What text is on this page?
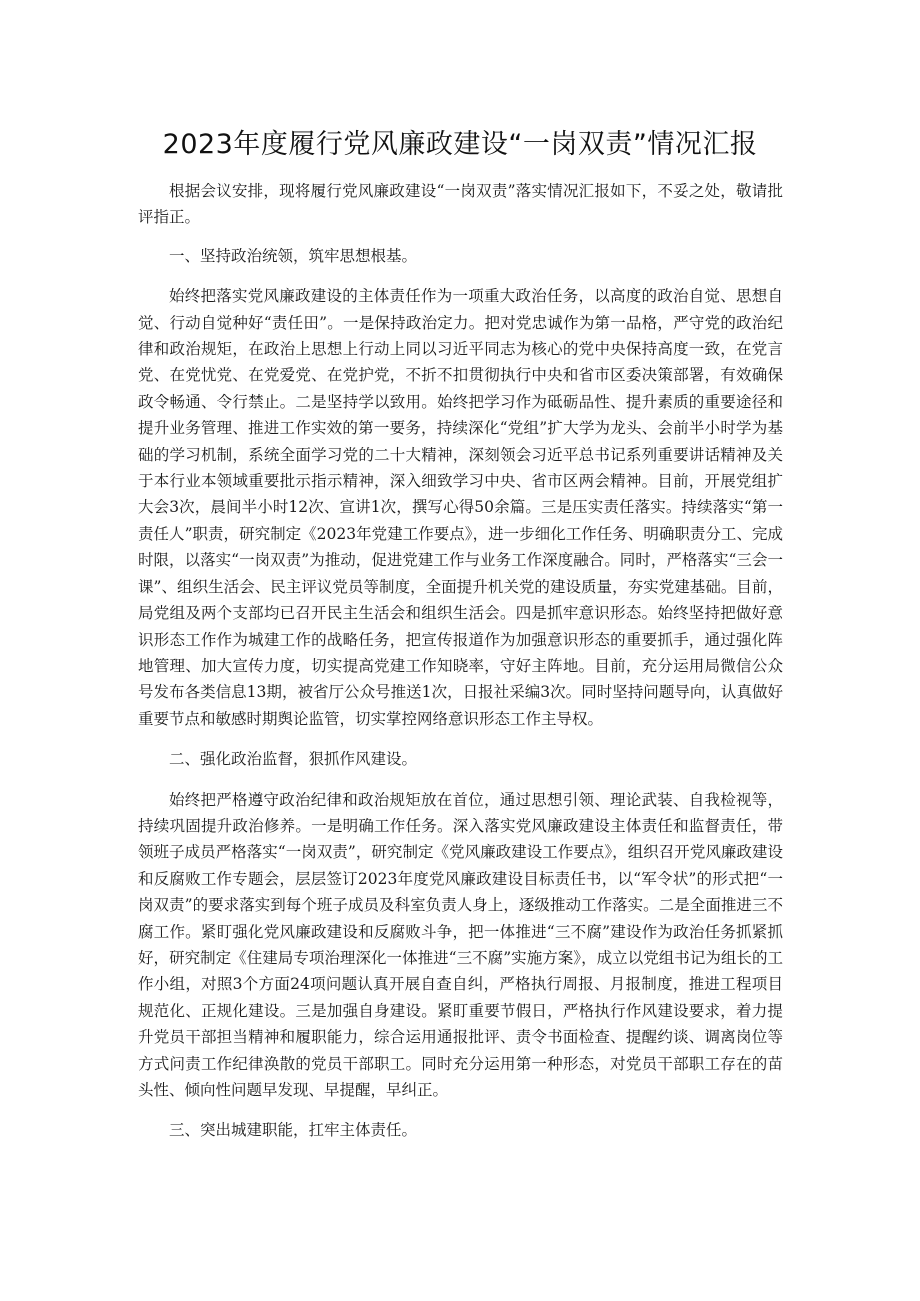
2023年度履行党风廉政建设“一岗双责”情况汇报

根据会议安排，现将履行党风廉政建设“一岗双责”落实情况汇报如下，不妥之处，敬请批评指正。

一、坚持政治统领，筑牢思想根基。

始终把落实党风廉政建设的主体责任作为一项重大政治任务，以高度的政治自觉、思想自觉、行动自觉种好“责任田”。一是保持政治定力。把对党忠诚作为第一品格，严守党的政治纪律和政治规矩，在政治上思想上行动上同以习近平同志为核心的党中央保持高度一致，在党言党、在党忧党、在党爱党、在党护党，不折不扣贯彻执行中央和省市区委决策部署，有效确保政令畅通、令行禁止。二是坚持学以致用。始终把学习作为砥砺品性、提升素质的重要途径和提升业务管理、推进工作实效的第一要务，持续深化“党组”扩大学为龙头、会前半小时学为基础的学习机制，系统全面学习党的二十大精神，深刻领会习近平总书记系列重要讲话精神及关于本行业本领域重要批示指示精神，深入细致学习中央、省市区两会精神。目前，开展党组扩大会3次，晨间半小时12次、宣讲1次，撰写心得50余篇。三是压实责任落实。持续落实“第一责任人”职责，研究制定《2023年党建工作要点》，进一步细化工作任务、明确职责分工、完成时限，以落实“一岗双责”为推动，促进党建工作与业务工作深度融合。同时，严格落实“三会一课”、组织生活会、民主评议党员等制度，全面提升机关党的建设质量，夯实党建基础。目前，局党组及两个支部均已召开民主生活会和组织生活会。四是抓牢意识形态。始终坚持把做好意识形态工作作为城建工作的战略任务，把宣传报道作为加强意识形态的重要抓手，通过强化阵地管理、加大宣传力度，切实提高党建工作知晓率，守好主阵地。目前，充分运用局微信公众号发布各类信息13期，被省厅公众号推送1次，日报社采编3次。同时坚持问题导向，认真做好重要节点和敏感时期舆论监管，切实掌控网络意识形态工作主导权。

二、强化政治监督，狠抓作风建设。

始终把严格遵守政治纪律和政治规矩放在首位，通过思想引领、理论武装、自我检视等，持续巩固提升政治修养。一是明确工作任务。深入落实党风廉政建设主体责任和监督责任，带领班子成员严格落实“一岗双责”，研究制定《党风廉政建设工作要点》，组织召开党风廉政建设和反腐败工作专题会，层层签订2023年度党风廉政建设目标责任书，以“军令状”的形式把“一岗双责”的要求落实到每个班子成员及科室负责人身上，逐级推动工作落实。二是全面推进三不腐工作。紧盯强化党风廉政建设和反腐败斗争，把一体推进“三不腐”建设作为政治任务抓紧抓好，研究制定《住建局专项治理深化一体推进“三不腐”实施方案》，成立以党组书记为组长的工作小组，对照3个方面24项问题认真开展自查自纠，严格执行周报、月报制度，推进工程项目规范化、正规化建设。三是加强自身建设。紧盯重要节假日，严格执行作风建设要求，着力提升党员干部担当精神和履职能力，综合运用通报批评、责令书面检查、提醒约谈、调离岗位等方式问责工作纪律涣散的党员干部职工。同时充分运用第一种形态，对党员干部职工存在的苗头性、倾向性问题早发现、早提醒，早纠正。

三、突出城建职能，扛牢主体责任。
